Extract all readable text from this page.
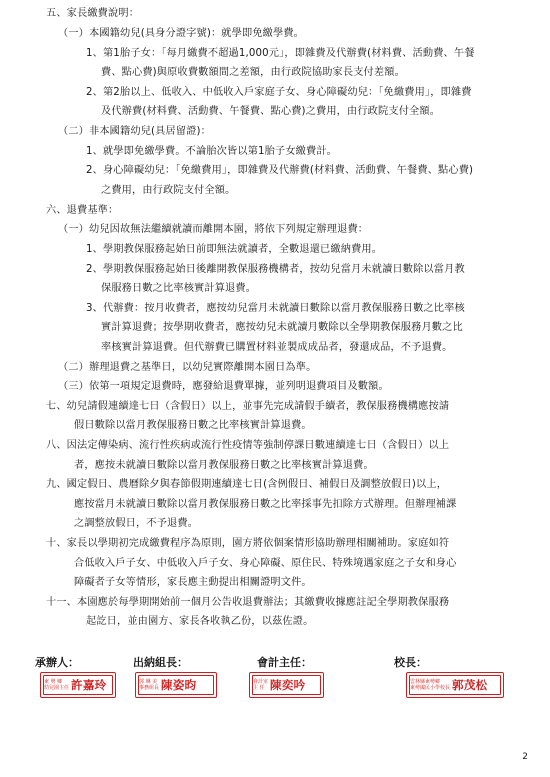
五、家長繳費說明：
（一）本國籍幼兒(具身分證字號)：就學即免繳學費。
1、第1胎子女：「每月繳費不超過1,000元」，即雜費及代辦費(材料費、活動費、午餐
費、點心費)與原收費數額間之差額，由行政院協助家長支付差額。
2、第2胎以上、低收入、中低收入戶家庭子女、身心障礙幼兒：「免繳費用」，即雜費
及代辦費(材料費、活動費、午餐費、點心費)之費用，由行政院支付全額。
（二）非本國籍幼兒(具居留證)：
1、就學即免繳學費。不論胎次皆以第1胎子女繳費計。
2、身心障礙幼兒：「免繳費用」，即雜費及代辦費(材料費、活動費、午餐費、點心費)
之費用，由行政院支付全額。
六、退費基準：
（一）幼兒因故無法繼續就讀而離開本園，將依下列規定辦理退費：
1、學期教保服務起始日前即無法就讀者，全數退還已繳納費用。
2、學期教保服務起始日後離開教保服務機構者，按幼兒當月未就讀日數除以當月教
保服務日數之比率核實計算退費。
3、代辦費：按月收費者，應按幼兒當月未就讀日數除以當月教保服務日數之比率核
實計算退費；按學期收費者，應按幼兒未就讀月數除以全學期教保服務月數之比
率核實計算退費。但代辦費已購置材料並製成成品者，發還成品，不予退費。
（二）辦理退費之基準日，以幼兒實際離開本園日為準。
（三）依第一項規定退費時，應發給退費單據，並列明退費項目及數額。
七、幼兒請假連續達七日（含假日）以上，並事先完成請假手續者，教保服務機構應按請
假日數除以當月教保服務日數之比率核實計算退費。
八、因法定傳染病、流行性疾病或流行性疫情等強制停課日數連續達七日（含假日）以上
者，應按未就讀日數除以當月教保服務日數之比率核實計算退費。
九、國定假日、農曆除夕與春節假期連續達七日(含例假日、補假日及調整放假日)以上，
應按當月未就讀日數除以當月教保服務日數之比率採事先扣除方式辦理。但辦理補課
之調整放假日，不予退費。
十、家長以學期初完成繳費程序為原則，園方將依個案情形協助辦理相關補助。家庭如符
合低收入戶子女、中低收入戶子女、身心障礙、原住民、特殊境遇家庭之子女和身心
障礙者子女等情形，家長應主動提出相關證明文件。
十一、本園應於每學期開始前一個月公告收退費辦法；其繳費收據應註記全學期教保服務
起訖日，並由園方、家長各收執乙份，以茲佐證。
承辦人：
東 勢 鄉
幼兒園主任 許嘉玲
出納組長：
郭 琳 美
事務組長 陳姿昀
會計主任：
會計室
主 任 陳奕吟
校長：
雲林縣東勢鄉
東勢國民小學校長 郭茂松
2
